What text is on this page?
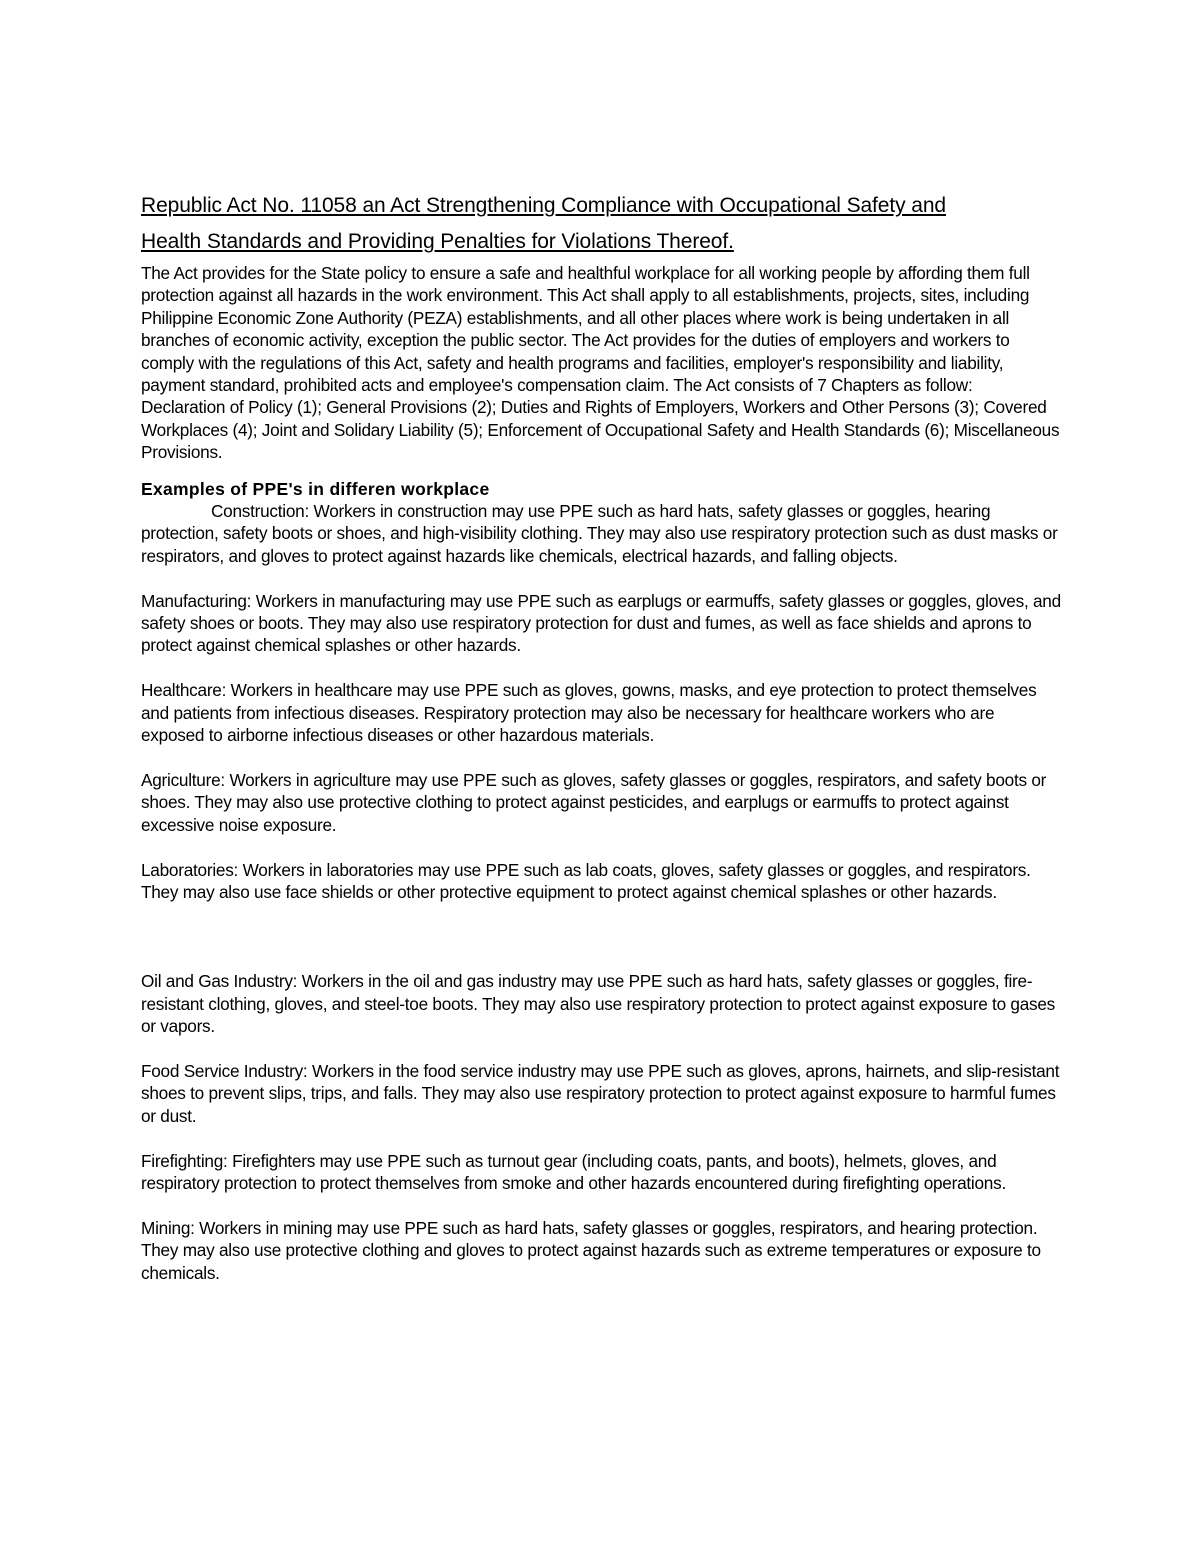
Republic Act No. 11058 an Act Strengthening Compliance with Occupational Safety and
Health Standards and Providing Penalties for Violations Thereof.

The Act provides for the State policy to ensure a safe and healthful workplace for all working people by affording them full protection against all hazards in the work environment. This Act shall apply to all establishments, projects, sites, including Philippine Economic Zone Authority (PEZA) establishments, and all other places where work is being undertaken in all branches of economic activity, exception the public sector. The Act provides for the duties of employers and workers to comply with the regulations of this Act, safety and health programs and facilities, employer's responsibility and liability, payment standard, prohibited acts and employee's compensation claim. The Act consists of 7 Chapters as follow: Declaration of Policy (1); General Provisions (2); Duties and Rights of Employers, Workers and Other Persons (3); Covered Workplaces (4); Joint and Solidary Liability (5); Enforcement of Occupational Safety and Health Standards (6); Miscellaneous Provisions.

Examples of PPE's in differen workplace

Construction: Workers in construction may use PPE such as hard hats, safety glasses or goggles, hearing protection, safety boots or shoes, and high-visibility clothing. They may also use respiratory protection such as dust masks or respirators, and gloves to protect against hazards like chemicals, electrical hazards, and falling objects.

Manufacturing: Workers in manufacturing may use PPE such as earplugs or earmuffs, safety glasses or goggles, gloves, and safety shoes or boots. They may also use respiratory protection for dust and fumes, as well as face shields and aprons to protect against chemical splashes or other hazards.

Healthcare: Workers in healthcare may use PPE such as gloves, gowns, masks, and eye protection to protect themselves and patients from infectious diseases. Respiratory protection may also be necessary for healthcare workers who are exposed to airborne infectious diseases or other hazardous materials.

Agriculture: Workers in agriculture may use PPE such as gloves, safety glasses or goggles, respirators, and safety boots or shoes. They may also use protective clothing to protect against pesticides, and earplugs or earmuffs to protect against excessive noise exposure.

Laboratories: Workers in laboratories may use PPE such as lab coats, gloves, safety glasses or goggles, and respirators. They may also use face shields or other protective equipment to protect against chemical splashes or other hazards.

Oil and Gas Industry: Workers in the oil and gas industry may use PPE such as hard hats, safety glasses or goggles, fire-resistant clothing, gloves, and steel-toe boots. They may also use respiratory protection to protect against exposure to gases or vapors.

Food Service Industry: Workers in the food service industry may use PPE such as gloves, aprons, hairnets, and slip-resistant shoes to prevent slips, trips, and falls. They may also use respiratory protection to protect against exposure to harmful fumes or dust.

Firefighting: Firefighters may use PPE such as turnout gear (including coats, pants, and boots), helmets, gloves, and respiratory protection to protect themselves from smoke and other hazards encountered during firefighting operations.

Mining: Workers in mining may use PPE such as hard hats, safety glasses or goggles, respirators, and hearing protection. They may also use protective clothing and gloves to protect against hazards such as extreme temperatures or exposure to chemicals.
